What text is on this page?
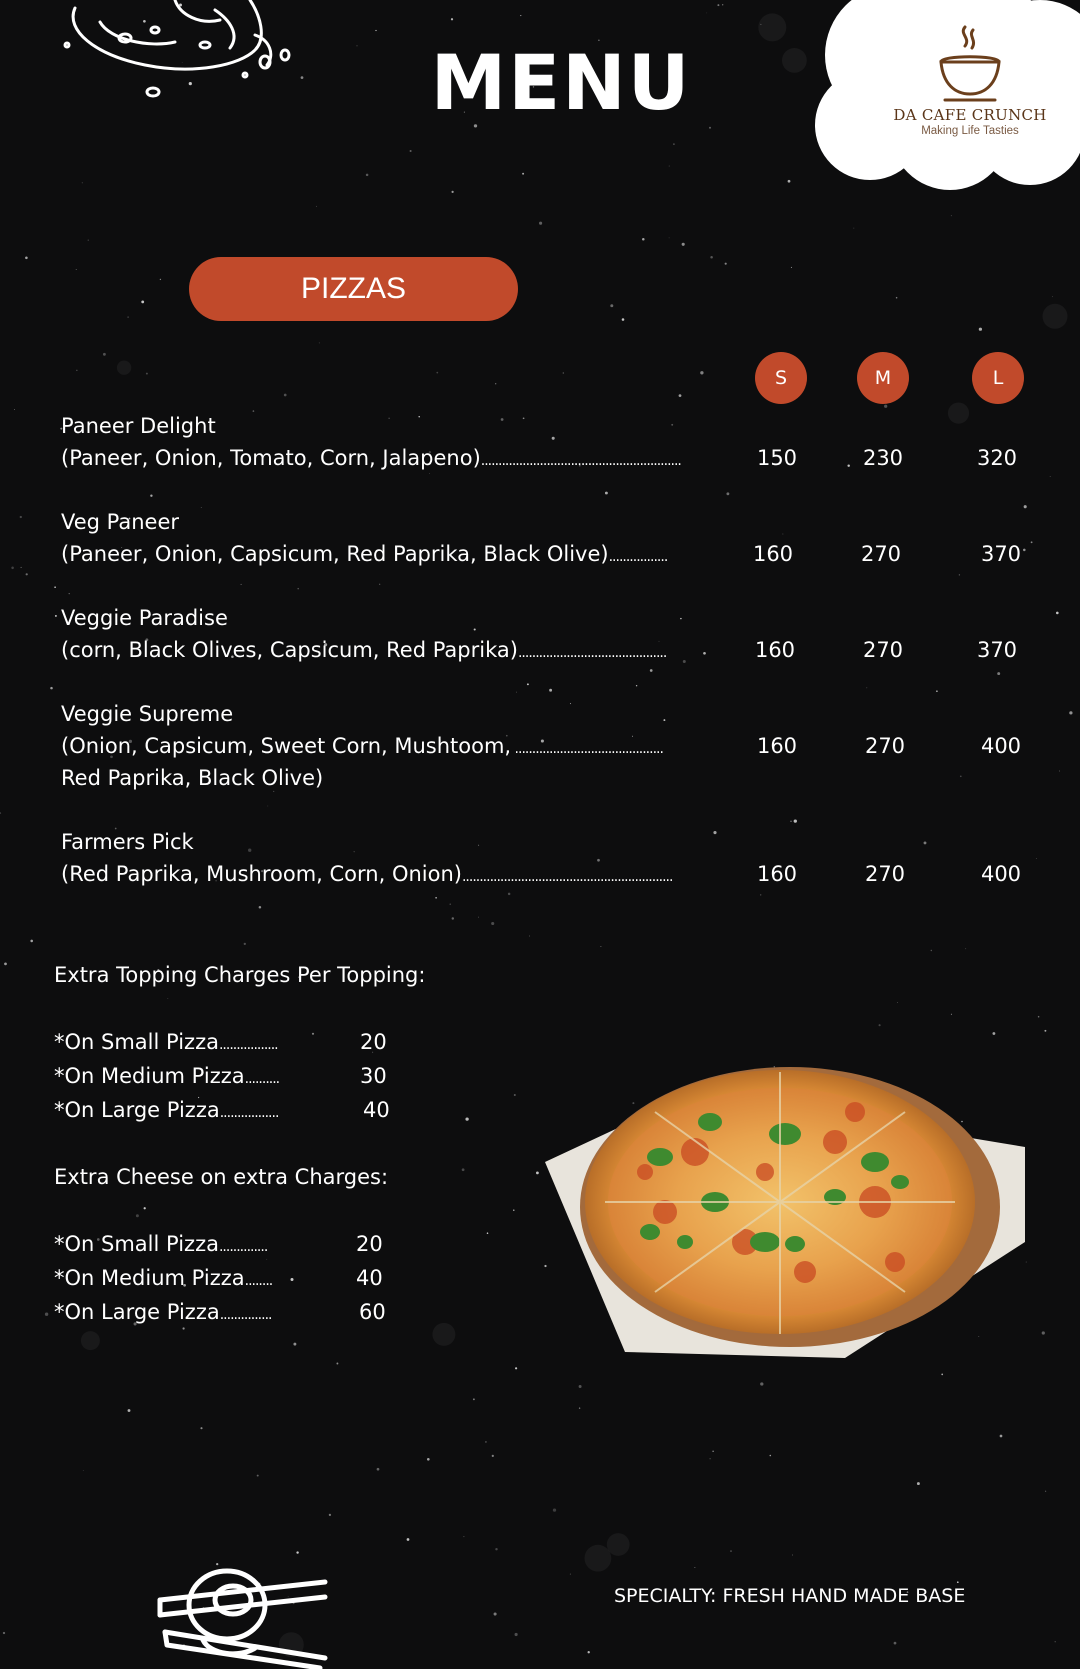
MENU	DA CAFE CRUNCH
Making Life Tasties
PIZZAS
S	M	L
Paneer Delight
(Paneer, Onion, Tomato, Corn, Jalapeno)..........................................................	150	230	320
Veg Paneer
(Paneer, Onion, Capsicum, Red Paprika, Black Olive).................	160	270	370
Veggie Paradise
(corn, Black Olives, Capsicum, Red Paprika)...........................................	160	270	370
Veggie Supreme
(Onion, Capsicum, Sweet Corn, Mushtoom, ...........................................
Red Paprika, Black Olive)
160	270	400
Farmers Pick
(Red Paprika, Mushroom, Corn, Onion).............................................................	160	270	400
Extra Topping Charges Per Topping:
*On Small Pizza.................	20
*On Medium Pizza..........	30
*On Large Pizza.................	40
Extra Cheese on extra Charges:
*On Small Pizza..............	20
*On Medium Pizza........	40
*On Large Pizza...............	60
SPECIALTY: FRESH HAND MADE BASE
